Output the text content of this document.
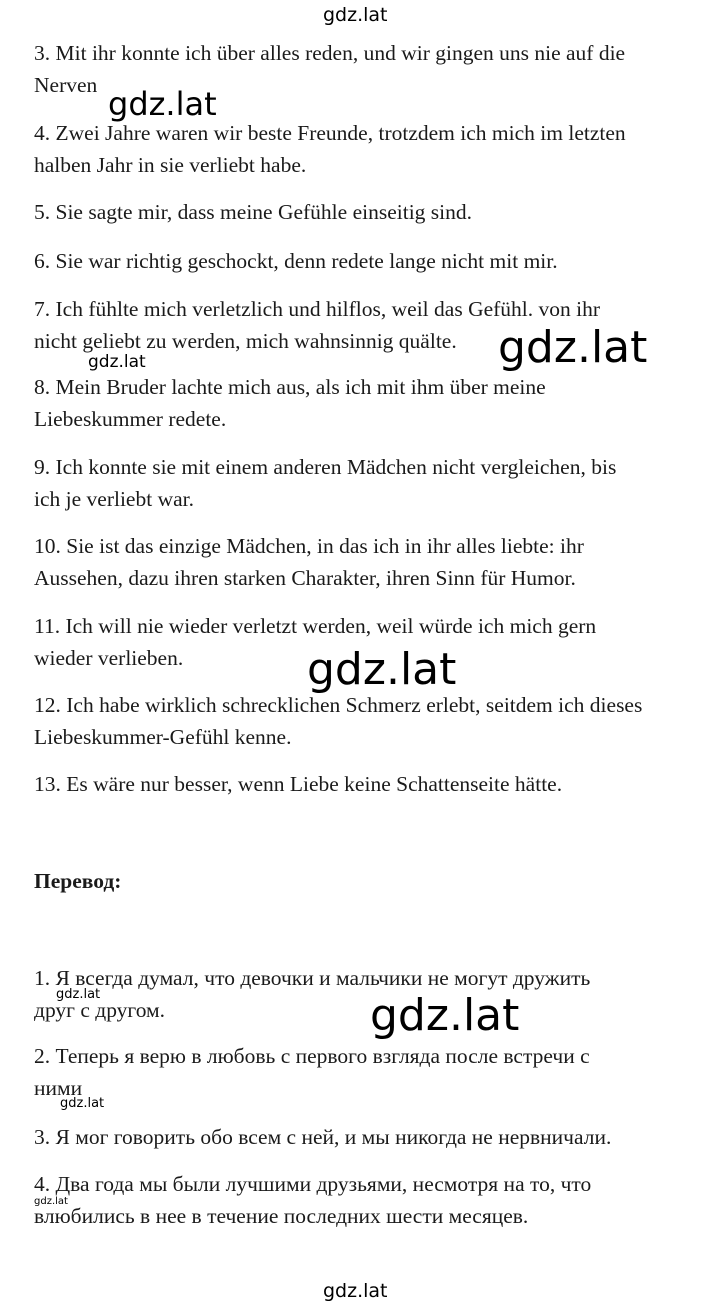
gdz.lat
gdz.lat
gdz.lat
gdz.lat
gdz.lat
gdz.lat	gdz.lat
gdz.lat
gdz.lat
gdz.lat
3. Mit ihr konnte ich über alles reden, und wir gingen uns nie auf die
Nerven
4. Zwei Jahre waren wir beste Freunde, trotzdem ich mich im letzten
halben Jahr in sie verliebt habe.
5. Sie sagte mir, dass meine Gefühle einseitig sind.
6. Sie war richtig geschockt, denn redete lange nicht mit mir.
7. Ich fühlte mich verletzlich und hilflos, weil das Gefühl. von ihr
nicht geliebt zu werden, mich wahnsinnig quälte.
8. Mein Bruder lachte mich aus, als ich mit ihm über meine
Liebeskummer redete.
9. Ich konnte sie mit einem anderen Mädchen nicht vergleichen, bis
ich je verliebt war.
10. Sie ist das einzige Mädchen, in das ich in ihr alles liebte: ihr
Aussehen, dazu ihren starken Charakter, ihren Sinn für Humor.
11. Ich will nie wieder verletzt werden, weil würde ich mich gern
wieder verlieben.
12. Ich habe wirklich schrecklichen Schmerz erlebt, seitdem ich dieses
Liebeskummer-Gefühl kenne.
13. Es wäre nur besser, wenn Liebe keine Schattenseite hätte.
Перевод:
1. Я всегда думал, что девочки и мальчики не могут дружить
друг с другом.
2. Теперь я верю в любовь с первого взгляда после встречи с
ними
3. Я мог говорить обо всем с ней, и мы никогда не нервничали.
4. Два года мы были лучшими друзьями, несмотря на то, что
влюбились в нее в течение последних шести месяцев.
